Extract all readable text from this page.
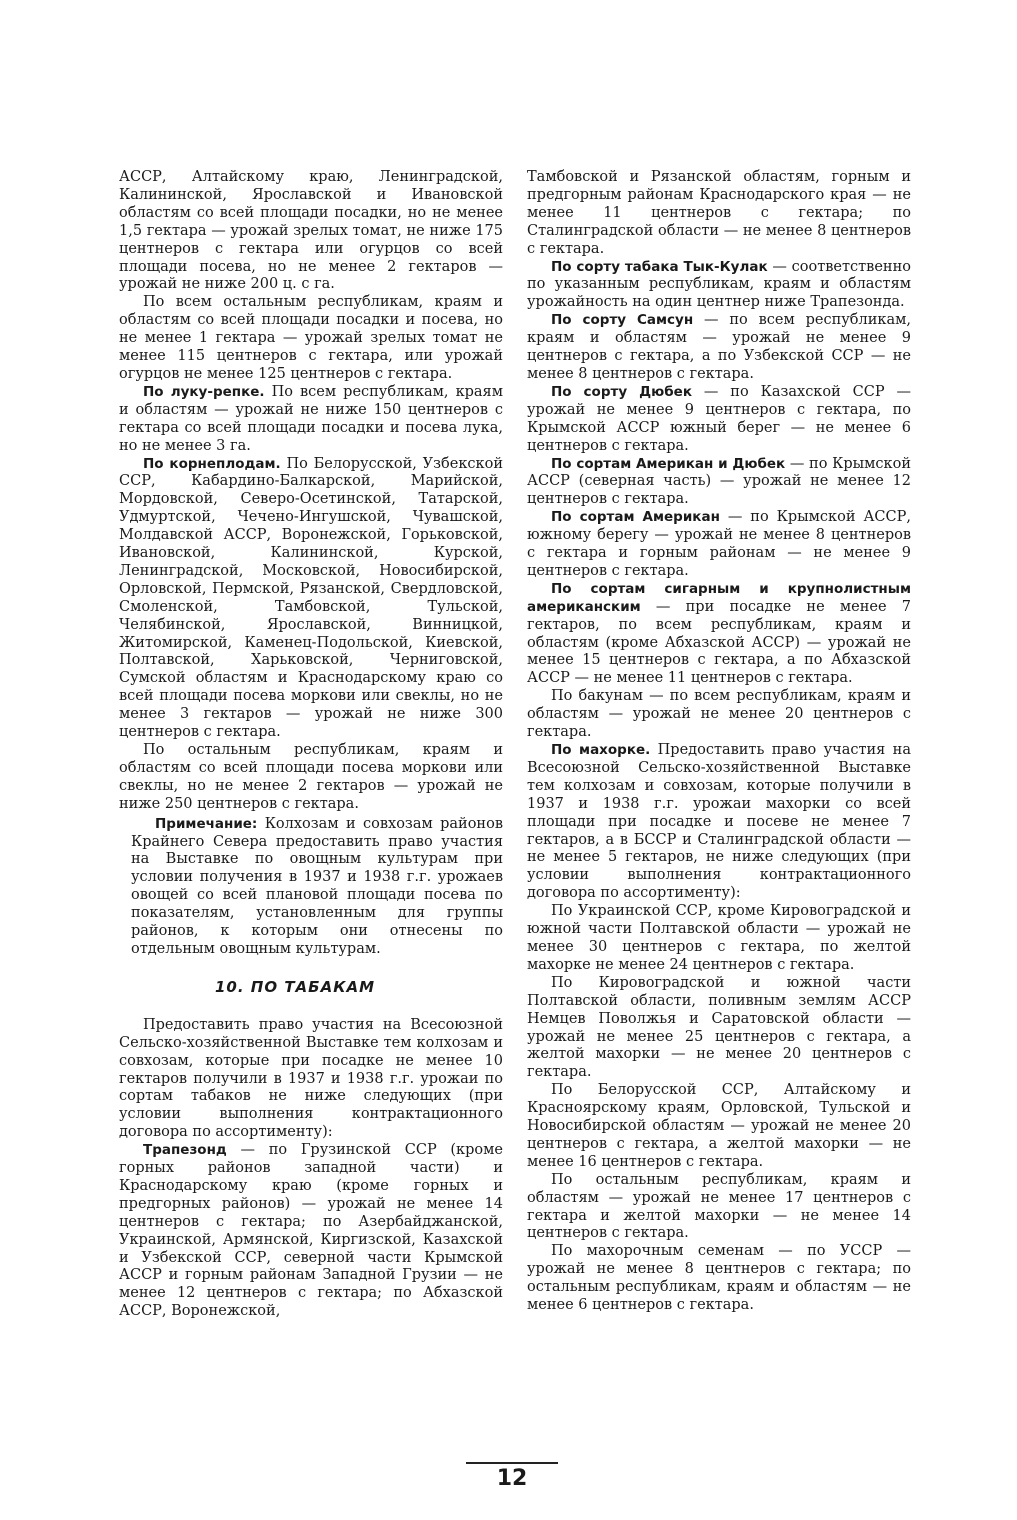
АССР, Алтайскому краю, Ленинградской, Калининской, Ярославской и Ивановской областям со всей площади посадки, но не менее 1,5 гектара — урожай зрелых томат, не ниже 175 центнеров с гектара или огурцов со всей площади посева, но не менее 2 гектаров — урожай не ниже 200 ц. с га.

По всем остальным республикам, краям и областям со всей площади посадки и посева, но не менее 1 гектара — урожай зрелых томат не менее 115 центнеров с гектара, или урожай огурцов не менее 125 центнеров с гектара.

По луку-репке. По всем республикам, краям и областям — урожай не ниже 150 центнеров с гектара со всей площади посадки и посева лука, но не менее 3 га.

По корнеплодам. По Белорусской, Узбекской ССР, Кабардино-Балкарской, Марийской, Мордовской, Северо-Осетинской, Татарской, Удмуртской, Чечено-Ингушской, Чувашской, Молдавской АССР, Воронежской, Горьковской, Ивановской, Калининской, Курской, Ленинградской, Московской, Новосибирской, Орловской, Пермской, Рязанской, Свердловской, Смоленской, Тамбовской, Тульской, Челябинской, Ярославской, Винницкой, Житомирской, Каменец-Подольской, Киевской, Полтавской, Харьковской, Черниговской, Сумской областям и Краснодарскому краю со всей площади посева моркови или свеклы, но не менее 3 гектаров — урожай не ниже 300 центнеров с гектара.

По остальным республикам, краям и областям со всей площади посева моркови или свеклы, но не менее 2 гектаров — урожай не ниже 250 центнеров с гектара.

Примечание: Колхозам и совхозам районов Крайнего Севера предоставить право участия на Выставке по овощным культурам при условии получения в 1937 и 1938 г.г. урожаев овощей со всей плановой площади посева по показателям, установленным для группы районов, к которым они отнесены по отдельным овощным культурам.

10. ПО ТАБАКАМ

Предоставить право участия на Всесоюзной Сельско-хозяйственной Выставке тем колхозам и совхозам, которые при посадке не менее 10 гектаров получили в 1937 и 1938 г.г. урожаи по сортам табаков не ниже следующих (при условии выполнения контрактационного договора по ассортименту):

Трапезонд — по Грузинской ССР (кроме горных районов западной части) и Краснодарскому краю (кроме горных и предгорных районов) — урожай не менее 14 центнеров с гектара; по Азербайджанской, Украинской, Армянской, Киргизской, Казахской и Узбекской ССР, северной части Крымской АССР и горным районам Западной Грузии — не менее 12 центнеров с гектара; по Абхазской АССР, Воронежской,

Тамбовской и Рязанской областям, горным и предгорным районам Краснодарского края — не менее 11 центнеров с гектара; по Сталинградской области — не менее 8 центнеров с гектара.

По сорту табака Тык-Кулак — соответственно по указанным республикам, краям и областям урожайность на один центнер ниже Трапезонда.

По сорту Самсун — по всем республикам, краям и областям — урожай не менее 9 центнеров с гектара, а по Узбекской ССР — не менее 8 центнеров с гектара.

По сорту Дюбек — по Казахской ССР — урожай не менее 9 центнеров с гектара, по Крымской АССР южный берег — не менее 6 центнеров с гектара.

По сортам Американ и Дюбек — по Крымской АССР (северная часть) — урожай не менее 12 центнеров с гектара.

По сортам Американ — по Крымской АССР, южному берегу — урожай не менее 8 центнеров с гектара и горным районам — не менее 9 центнеров с гектара.

По сортам сигарным и крупнолистным американским — при посадке не менее 7 гектаров, по всем республикам, краям и областям (кроме Абхазской АССР) — урожай не менее 15 центнеров с гектара, а по Абхазской АССР — не менее 11 центнеров с гектара.

По бакунам — по всем республикам, краям и областям — урожай не менее 20 центнеров с гектара.

По махорке. Предоставить право участия на Всесоюзной Сельско-хозяйственной Выставке тем колхозам и совхозам, которые получили в 1937 и 1938 г.г. урожаи махорки со всей площади при посадке и посеве не менее 7 гектаров, а в БССР и Сталинградской области — не менее 5 гектаров, не ниже следующих (при условии выполнения контрактационного договора по ассортименту):

По Украинской ССР, кроме Кировоградской и южной части Полтавской области — урожай не менее 30 центнеров с гектара, по желтой махорке не менее 24 центнеров с гектара.

По Кировоградской и южной части Полтавской области, поливным землям АССР Немцев Поволжья и Саратовской области — урожай не менее 25 центнеров с гектара, а желтой махорки — не менее 20 центнеров с гектара.

По Белорусской ССР, Алтайскому и Красноярскому краям, Орловской, Тульской и Новосибирской областям — урожай не менее 20 центнеров с гектара, а желтой махорки — не менее 16 центнеров с гектара.

По остальным республикам, краям и областям — урожай не менее 17 центнеров с гектара и желтой махорки — не менее 14 центнеров с гектара.

По махорочным семенам — по УССР — урожай не менее 8 центнеров с гектара; по остальным республикам, краям и областям — не менее 6 центнеров с гектара.

12
